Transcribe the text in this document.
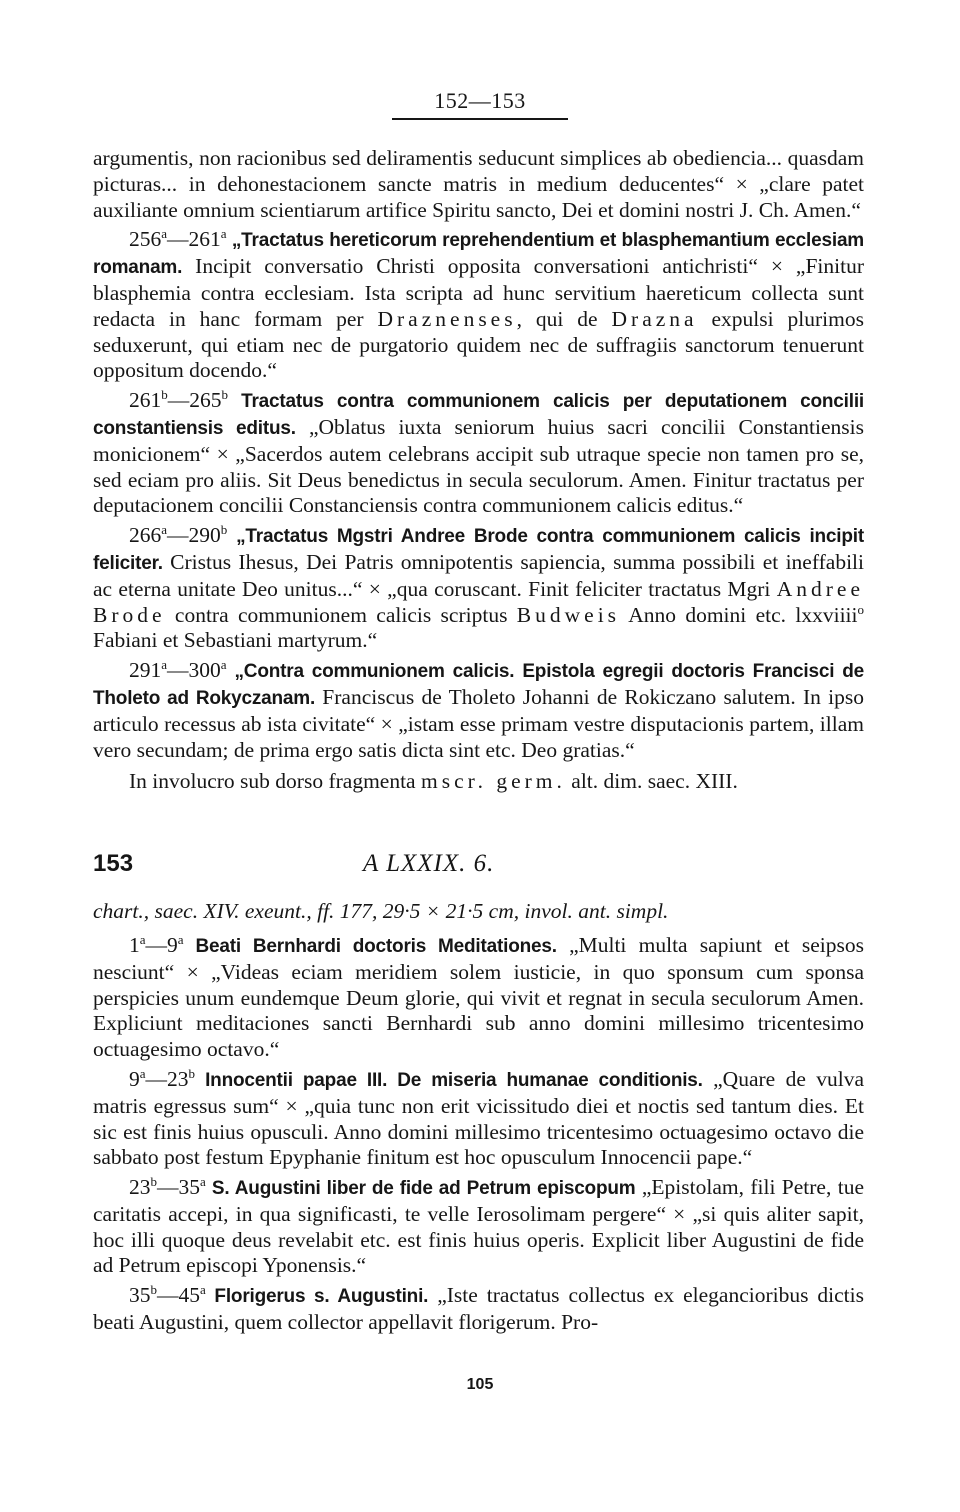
152—153

argumentis, non racionibus sed deliramentis seducunt simplices ab obediencia... quasdam picturas... in dehonestacionem sancte matris in medium deducentes“ × „clare patet auxiliante omnium scientiarum artifice Spiritu sancto, Dei et domini nostri J. Ch. Amen.“

256$^a$—261$^a$ „Tractatus hereticorum reprehendentium et blasphemantium ecclesiam romanam. Incipit conversatio Christi opposita conversationi antichristi“ × „Finitur blasphemia contra ecclesiam. Ista scripta ad hunc servitium haereticum collecta sunt redacta in hanc formam per Draznenses, qui de Drazna expulsi plurimos seduxerunt, qui etiam nec de purgatorio quidem nec de suffragiis sanctorum tenuerunt oppositum docendo.“

261$^b$—265$^b$ Tractatus contra communionem calicis per deputationem concilii constantiensis editus. „Oblatus iuxta seniorum huius sacri concilii Constantiensis monicionem“ × „Sacerdos autem celebrans accipit sub utraque specie non tamen pro se, sed eciam pro aliis. Sit Deus benedictus in secula seculorum. Amen. Finitur tractatus per deputacionem concilii Constanciensis contra communionem calicis editus.“

266$^a$—290$^b$ „Tractatus Mgstri Andree Brode contra communionem calicis incipit feliciter. Cristus Ihesus, Dei Patris omnipotentis sapiencia, summa possibili et ineffabili ac eterna unitate Deo unitus...“ × „qua coruscant. Finit feliciter tractatus Mgri Andree Brode contra communionem calicis scriptus Budweis Anno domini etc. lxxviiii$^o$ Fabiani et Sebastiani martyrum.“

291$^a$—300$^a$ „Contra communionem calicis. Epistola egregii doctoris Francisci de Tholeto ad Rokyczanam. Franciscus de Tholeto Johanni de Rokiczano salutem. In ipso articulo recessus ab ista civitate“ × „istam esse primam vestre disputacionis partem, illam vero secundam; de prima ergo satis dicta sint etc. Deo gratias.“

In involucro sub dorso fragmenta mscr. germ. alt. dim. saec. XIII.

153	A LXXIX. 6.

chart., saec. XIV. exeunt., ff. 177, 29·5 × 21·5 cm, invol. ant. simpl.

1$^a$—9$^a$ Beati Bernhardi doctoris Meditationes. „Multi multa sapiunt et seipsos nesciunt“ × „Videas eciam meridiem solem iusticie, in quo sponsum cum sponsa perspicies unum eundemque Deum glorie, qui vivit et regnat in secula seculorum Amen. Expliciunt meditaciones sancti Bernhardi sub anno domini millesimo tricentesimo octuagesimo octavo.“

9$^a$—23$^b$ Innocentii papae III. De miseria humanae conditionis. „Quare de vulva matris egressus sum“ × „quia tunc non erit vicissitudo diei et noctis sed tantum dies. Et sic est finis huius opusculi. Anno domini millesimo tricentesimo octuagesimo octavo die sabbato post festum Epyphanie finitum est hoc opusculum Innocencii pape.“

23$^b$—35$^a$ S. Augustini liber de fide ad Petrum episcopum „Epistolam, fili Petre, tue caritatis accepi, in qua significasti, te velle Ierosolimam pergere“ × „si quis aliter sapit, hoc illi quoque deus revelabit etc. est finis huius operis. Explicit liber Augustini de fide ad Petrum episcopi Yponensis.“

35$^b$—45$^a$ Florigerus s. Augustini. „Iste tractatus collectus ex elegancioribus dictis beati Augustini, quem collector appellavit florigerum. Pro-

105
